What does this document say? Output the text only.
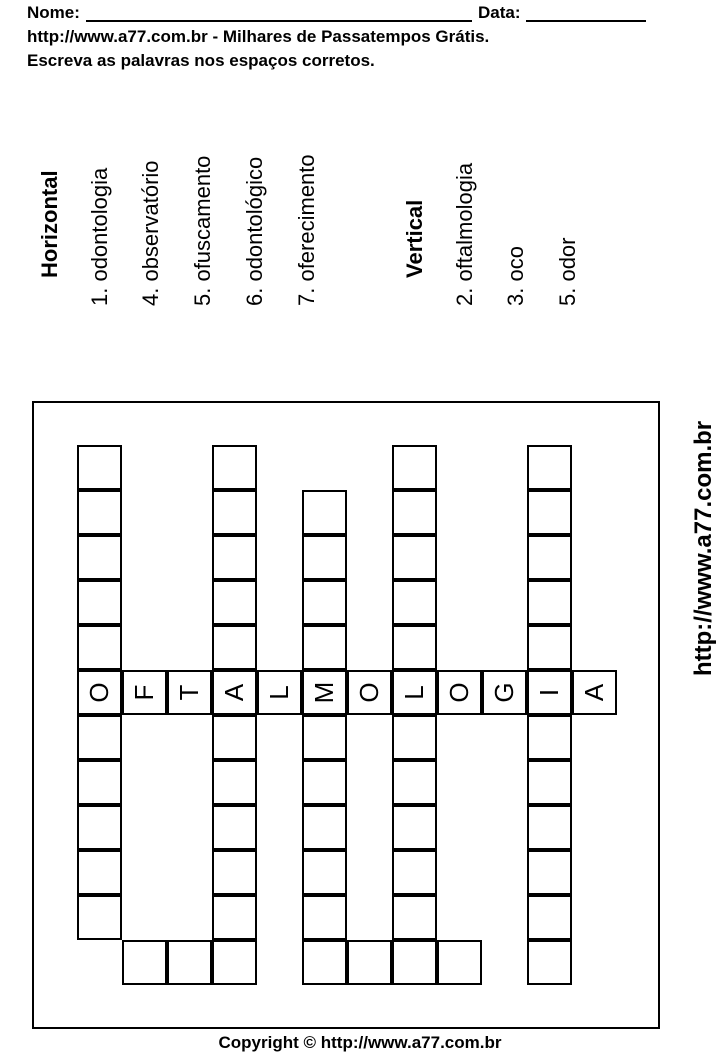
Nome:	Data:
http://www.a77.com.br - Milhares de Passatempos Grátis.
Escreva as palavras nos espaços corretos.
Horizontal 1. odontologia 4. observatório 5. ofuscamento 6. odontológico 7. oferecimento	Vertical 2. oftalmologia 3. oco 5. odor
O	A M L	I
F T L O O G A
http://www.a77.com.br
Copyright © http://www.a77.com.br
